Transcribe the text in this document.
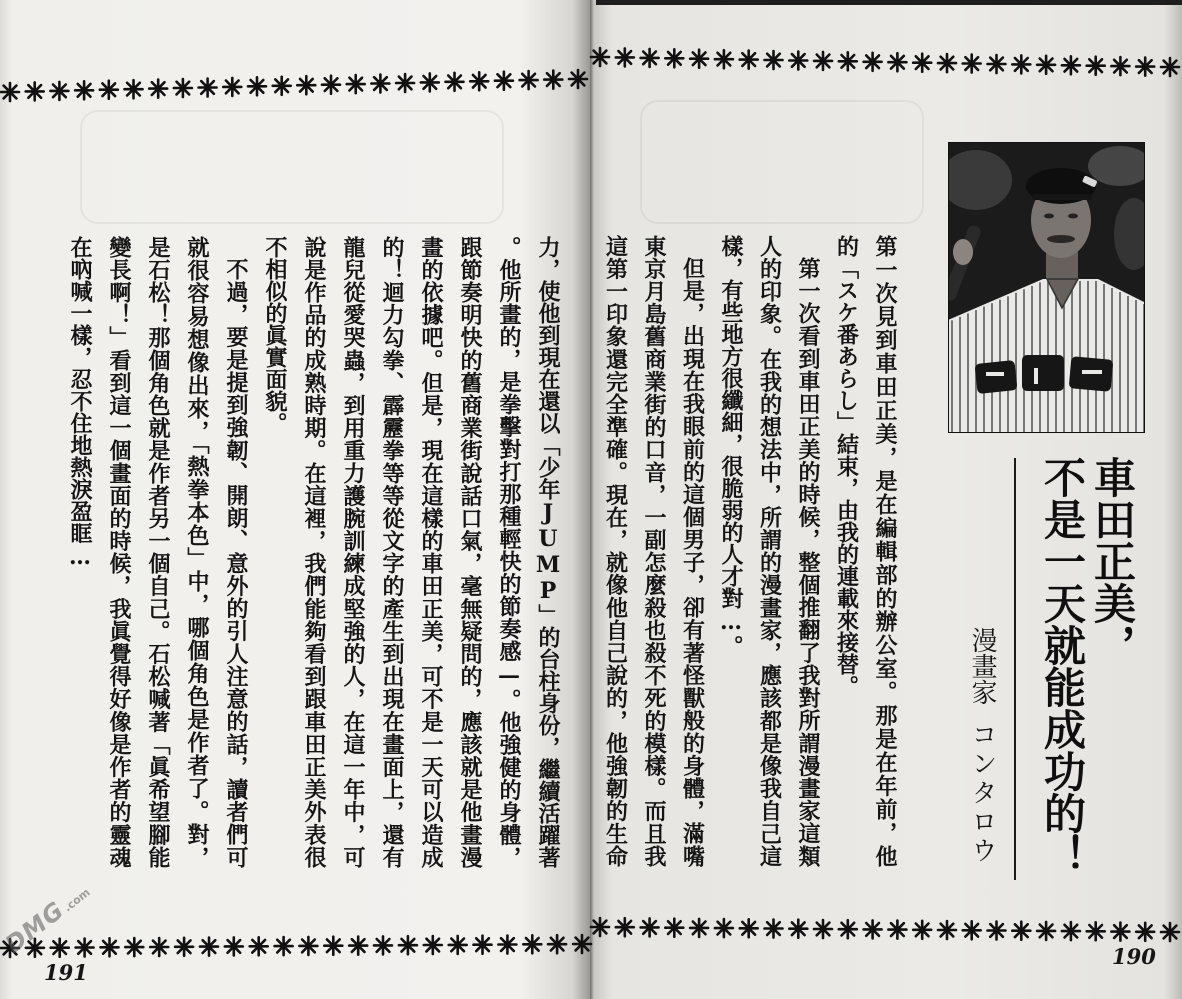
第一次見到車田正美，是在編輯部的辦公室。那是在年前，他
的「スケ番あらし」結束，由我的連載來接替。
第一次看到車田正美的時候，整個推翻了我對所謂漫畫家這類
人的印象。在我的想法中，所謂的漫畫家，應該都是像我自己這
樣，有些地方很纖細，很脆弱的人才對…。
但是，出現在我眼前的這個男子，卻有著怪獸般的身體，滿嘴
東京月島舊商業街的口音，一副怎麼殺也殺不死的模樣。而且我
這第一印象還完全準確。現在，就像他自己說的，他強韌的生命
力，使他到現在還以「少年JUMP」的台柱身份，繼續活躍著
。他所畫的，是拳擊對打那種輕快的節奏感—。他強健的身體，
跟節奏明快的舊商業街說話口氣，毫無疑問的，應該就是他畫漫
畫的依據吧。但是，現在這樣的車田正美，可不是一天可以造成
的！迴力勾拳、霹靂拳等等從文字的產生到出現在畫面上，還有
龍兒從愛哭蟲，到用重力護腕訓練成堅強的人，在這一年中，可
說是作品的成熟時期。在這裡，我們能夠看到跟車田正美外表很
不相似的眞實面貌。
不過，要是提到強韌、開朗、意外的引人注意的話，讀者們可
就很容易想像出來，「熱拳本色」中，哪個角色是作者了。對，
是石松！那個角色就是作者另一個自己。石松喊著「眞希望腳能
變長啊！」看到這一個畫面的時候，我眞覺得好像是作者的靈魂
在吶喊一樣，忍不住地熱淚盈眶…	車田正美，
不是一天就能成功的！
漫畫家コンタロウ
191
190
DMG.com
